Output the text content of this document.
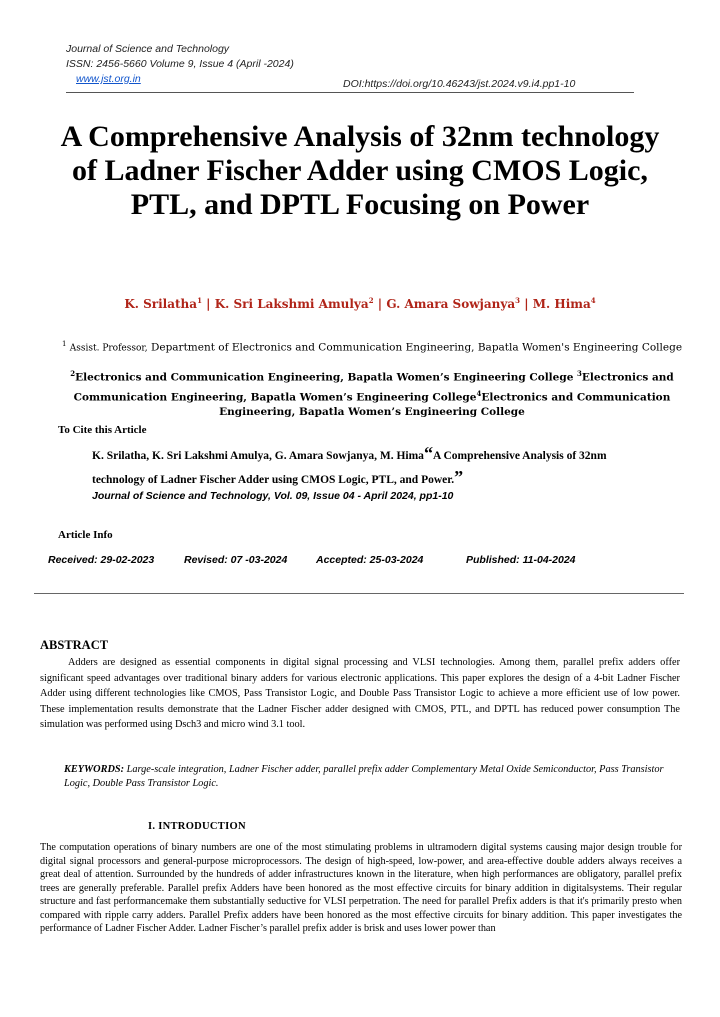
Journal of Science and Technology
ISSN: 2456-5660 Volume 9, Issue 4 (April -2024)
www.jst.org.in	DOI:https://doi.org/10.46243/jst.2024.v9.i4.pp1-10
A Comprehensive Analysis of 32nm technology of Ladner Fischer Adder using CMOS Logic, PTL, and DPTL Focusing on Power
K. Srilatha$^1$ | K. Sri Lakshmi Amulya$^2$ | G. Amara Sowjanya$^3$ | M. Hima$^4$
$^1$ Assist. Professor, Department of Electronics and Communication Engineering, Bapatla Women's Engineering College
$^2$Electronics and Communication Engineering, Bapatla Women’s Engineering College $^3$Electronics and Communication Engineering, Bapatla Women’s Engineering College$^4$Electronics and Communication Engineering, Bapatla Women’s Engineering College
To Cite this Article
K. Srilatha, K. Sri Lakshmi Amulya, G. Amara Sowjanya, M. Hima“A Comprehensive Analysis of 32nm technology of Ladner Fischer Adder using CMOS Logic, PTL, and Power.”
Journal of Science and Technology, Vol. 09, Issue 04 - April 2024, pp1-10
Article Info
Received: 29-02-2023	Revised: 07 -03-2024	Accepted: 25-03-2024	Published: 11-04-2024
ABSTRACT
Adders are designed as essential components in digital signal processing and VLSI technologies. Among them, parallel prefix adders offer significant speed advantages over traditional binary adders for various electronic applications. This paper explores the design of a 4-bit Ladner Fischer Adder using different technologies like CMOS, Pass Transistor Logic, and Double Pass Transistor Logic to achieve a more efficient use of low power. These implementation results demonstrate that the Ladner Fischer adder designed with CMOS, PTL, and DPTL has reduced power consumption The simulation was performed using Dsch3 and micro wind 3.1 tool.
KEYWORDS: Large-scale integration, Ladner Fischer adder, parallel prefix adder Complementary Metal Oxide Semiconductor, Pass Transistor Logic, Double Pass Transistor Logic.
I. INTRODUCTION
The computation operations of binary numbers are one of the most stimulating problems in ultramodern digital systems causing major design trouble for digital signal processors and general-purpose microprocessors. The design of high-speed, low-power, and area-effective double adders always receives a great deal of attention. Surrounded by the hundreds of adder infrastructures known in the literature, when high performances are obligatory, parallel prefix trees are generally preferable. Parallel prefix Adders have been honored as the most effective circuits for binary addition in digitalsystems. Their regular structure and fast performancemake them substantially seductive for VLSI perpetration. The need for parallel Prefix adders is that it's primarily presto when compared with ripple carry adders. Parallel Prefix adders have been honored as the most effective circuits for binary addition. This paper investigates the performance of Ladner Fischer Adder. Ladner Fischer’s parallel prefix adder is brisk and uses lower power than
